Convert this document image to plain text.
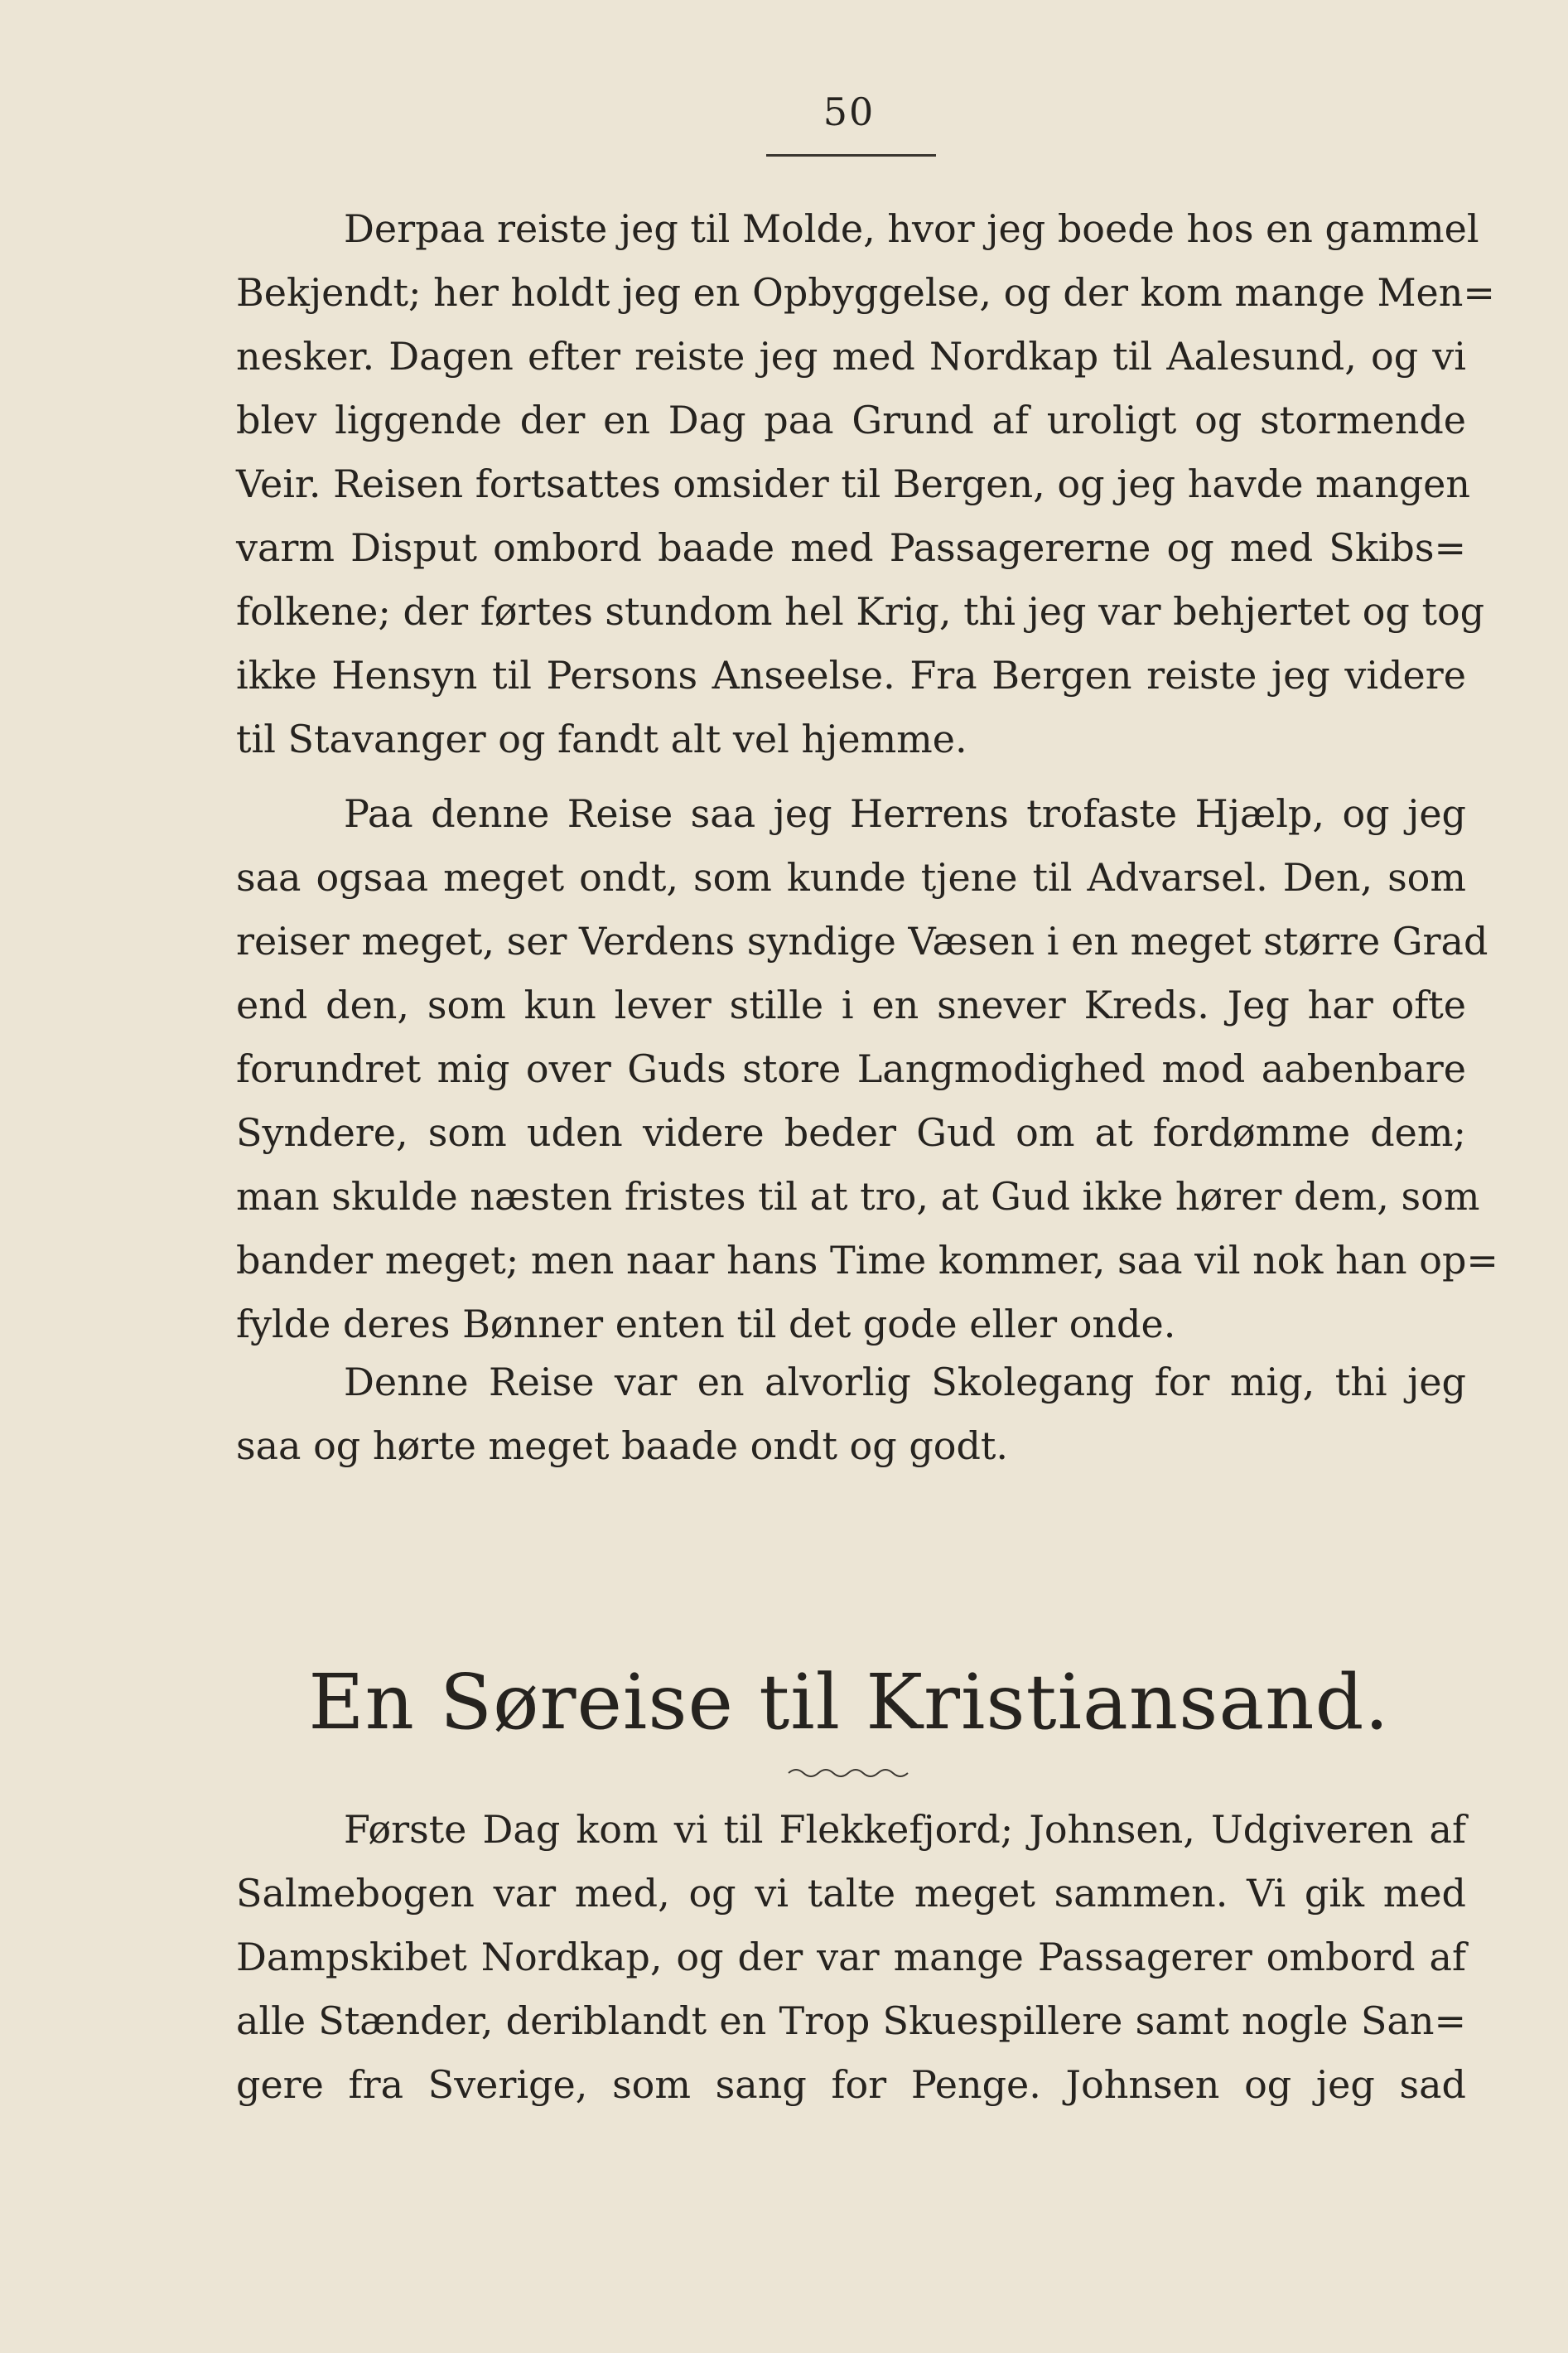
50
Derpaa reiste jeg til Molde, hvor jeg boede hos en gammel
Bekjendt; her holdt jeg en Opbyggelse, og der kom mange Men=
nesker. Dagen efter reiste jeg med Nordkap til Aalesund, og vi
blev liggende der en Dag paa Grund af uroligt og stormende
Veir. Reisen fortsattes omsider til Bergen, og jeg havde mangen
varm Disput ombord baade med Passagererne og med Skibs=
folkene; der førtes stundom hel Krig, thi jeg var behjertet og tog
ikke Hensyn til Persons Anseelse. Fra Bergen reiste jeg videre
til Stavanger og fandt alt vel hjemme.
Paa denne Reise saa jeg Herrens trofaste Hjælp, og jeg
saa ogsaa meget ondt, som kunde tjene til Advarsel. Den, som
reiser meget, ser Verdens syndige Væsen i en meget større Grad
end den, som kun lever stille i en snever Kreds. Jeg har ofte
forundret mig over Guds store Langmodighed mod aabenbare
Syndere, som uden videre beder Gud om at fordømme dem;
man skulde næsten fristes til at tro, at Gud ikke hører dem, som
bander meget; men naar hans Time kommer, saa vil nok han op=
fylde deres Bønner enten til det gode eller onde.
Denne Reise var en alvorlig Skolegang for mig, thi jeg
saa og hørte meget baade ondt og godt.
En Søreise til Kristiansand.
Første Dag kom vi til Flekkefjord; Johnsen, Udgiveren af
Salmebogen var med, og vi talte meget sammen. Vi gik med
Dampskibet Nordkap, og der var mange Passagerer ombord af
alle Stænder, deriblandt en Trop Skuespillere samt nogle San=
gere fra Sverige, som sang for Penge. Johnsen og jeg sad
